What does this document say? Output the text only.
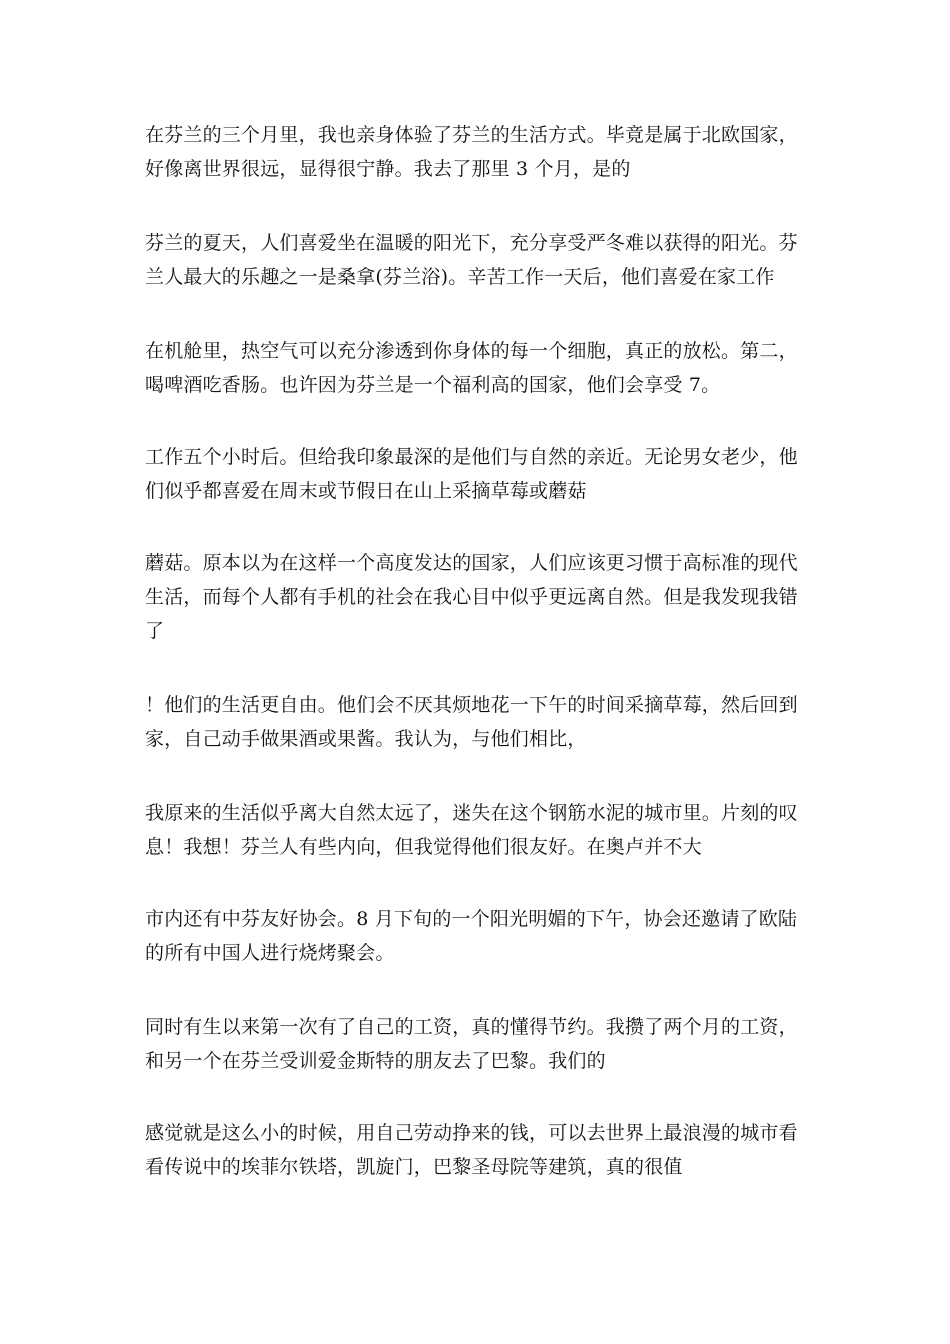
在芬兰的三个月里，我也亲身体验了芬兰的生活方式。毕竟是属于北欧国家，
好像离世界很远，显得很宁静。我去了那里 3 个月，是的

芬兰的夏天，人们喜爱坐在温暖的阳光下，充分享受严冬难以获得的阳光。芬
兰人最大的乐趣之一是桑拿(芬兰浴)。辛苦工作一天后，他们喜爱在家工作

在机舱里，热空气可以充分渗透到你身体的每一个细胞，真正的放松。第二，
喝啤酒吃香肠。也许因为芬兰是一个福利高的国家，他们会享受 7。

工作五个小时后。但给我印象最深的是他们与自然的亲近。无论男女老少，他
们似乎都喜爱在周末或节假日在山上采摘草莓或蘑菇

蘑菇。原本以为在这样一个高度发达的国家，人们应该更习惯于高标准的现代
生活，而每个人都有手机的社会在我心目中似乎更远离自然。但是我发现我错
了

！他们的生活更自由。他们会不厌其烦地花一下午的时间采摘草莓，然后回到
家，自己动手做果酒或果酱。我认为，与他们相比，

我原来的生活似乎离大自然太远了，迷失在这个钢筋水泥的城市里。片刻的叹
息！我想！芬兰人有些内向，但我觉得他们很友好。在奥卢并不大

市内还有中芬友好协会。8 月下旬的一个阳光明媚的下午，协会还邀请了欧陆
的所有中国人进行烧烤聚会。

同时有生以来第一次有了自己的工资，真的懂得节约。我攒了两个月的工资，
和另一个在芬兰受训爱金斯特的朋友去了巴黎。我们的

感觉就是这么小的时候，用自己劳动挣来的钱，可以去世界上最浪漫的城市看
看传说中的埃菲尔铁塔，凯旋门，巴黎圣母院等建筑，真的很值
